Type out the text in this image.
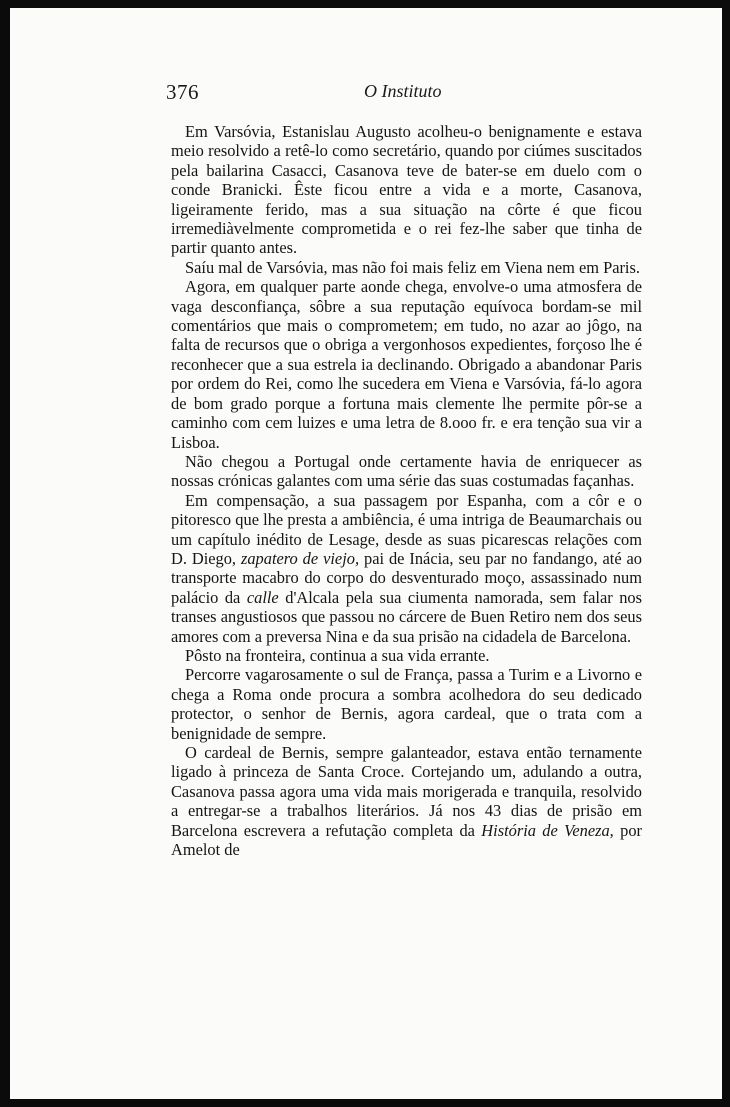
376	O Instituto

Em Varsóvia, Estanislau Augusto acolheu-o benignamente e estava meio resolvido a retê-lo como secretário, quando por ciúmes suscitados pela bailarina Casacci, Casanova teve de bater-se em duelo com o conde Branicki. Êste ficou entre a vida e a morte, Casanova, ligeiramente ferido, mas a sua situação na côrte é que ficou irremediàvelmente comprometida e o rei fez-lhe saber que tinha de partir quanto antes.

Saíu mal de Varsóvia, mas não foi mais feliz em Viena nem em Paris.

Agora, em qualquer parte aonde chega, envolve-o uma atmosfera de vaga desconfiança, sôbre a sua reputação equívoca bordam-se mil comentários que mais o comprometem; em tudo, no azar ao jôgo, na falta de recursos que o obriga a vergonhosos expedientes, forçoso lhe é reconhecer que a sua estrela ia declinando. Obrigado a abandonar Paris por ordem do Rei, como lhe sucedera em Viena e Varsóvia, fá-lo agora de bom grado porque a fortuna mais clemente lhe permite pôr-se a caminho com cem luizes e uma letra de 8.ooo fr. e era tenção sua vir a Lisboa.

Não chegou a Portugal onde certamente havia de enriquecer as nossas crónicas galantes com uma série das suas costumadas façanhas.

Em compensação, a sua passagem por Espanha, com a côr e o pitoresco que lhe presta a ambiência, é uma intriga de Beaumarchais ou um capítulo inédito de Lesage, desde as suas picarescas relações com D. Diego, zapatero de viejo, pai de Inácia, seu par no fandango, até ao transporte macabro do corpo do desventurado moço, assassinado num palácio da calle d'Alcala pela sua ciumenta namorada, sem falar nos transes angustiosos que passou no cárcere de Buen Retiro nem dos seus amores com a preversa Nina e da sua prisão na cidadela de Barcelona.

Pôsto na fronteira, continua a sua vida errante.

Percorre vagarosamente o sul de França, passa a Turim e a Livorno e chega a Roma onde procura a sombra acolhedora do seu dedicado protector, o senhor de Bernis, agora cardeal, que o trata com a benignidade de sempre.

O cardeal de Bernis, sempre galanteador, estava então ternamente ligado à princeza de Santa Croce. Cortejando um, adulando a outra, Casanova passa agora uma vida mais morigerada e tranquila, resolvido a entregar-se a trabalhos literários. Já nos 43 dias de prisão em Barcelona escrevera a refutação completa da História de Veneza, por Amelot de
